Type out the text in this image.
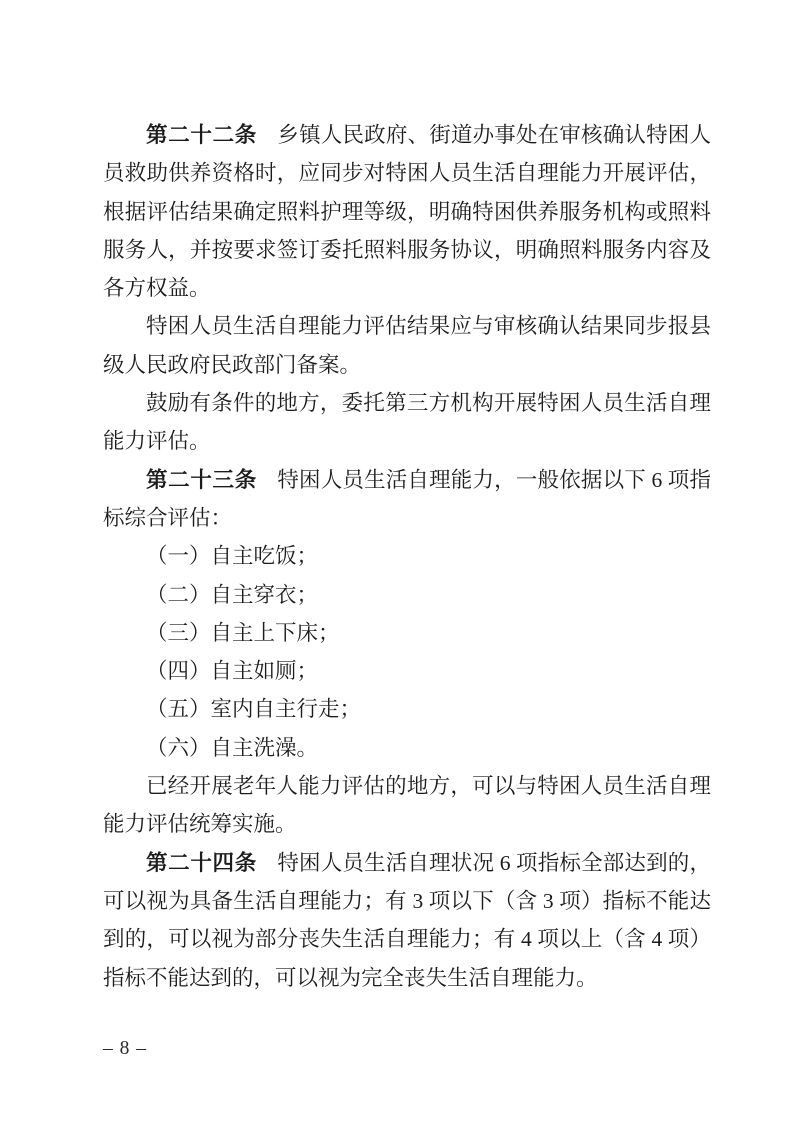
第二十二条 乡镇人民政府、街道办事处在审核确认特困人员救助供养资格时，应同步对特困人员生活自理能力开展评估，根据评估结果确定照料护理等级，明确特困供养服务机构或照料服务人，并按要求签订委托照料服务协议，明确照料服务内容及各方权益。

特困人员生活自理能力评估结果应与审核确认结果同步报县级人民政府民政部门备案。

鼓励有条件的地方，委托第三方机构开展特困人员生活自理能力评估。

第二十三条 特困人员生活自理能力，一般依据以下 6 项指标综合评估：

（一）自主吃饭；

（二）自主穿衣；

（三）自主上下床；

（四）自主如厕；

（五）室内自主行走；

（六）自主洗澡。

已经开展老年人能力评估的地方，可以与特困人员生活自理能力评估统筹实施。

第二十四条 特困人员生活自理状况 6 项指标全部达到的，可以视为具备生活自理能力；有 3 项以下（含 3 项）指标不能达到的，可以视为部分丧失生活自理能力；有 4 项以上（含 4 项）指标不能达到的，可以视为完全丧失生活自理能力。

– 8 –
